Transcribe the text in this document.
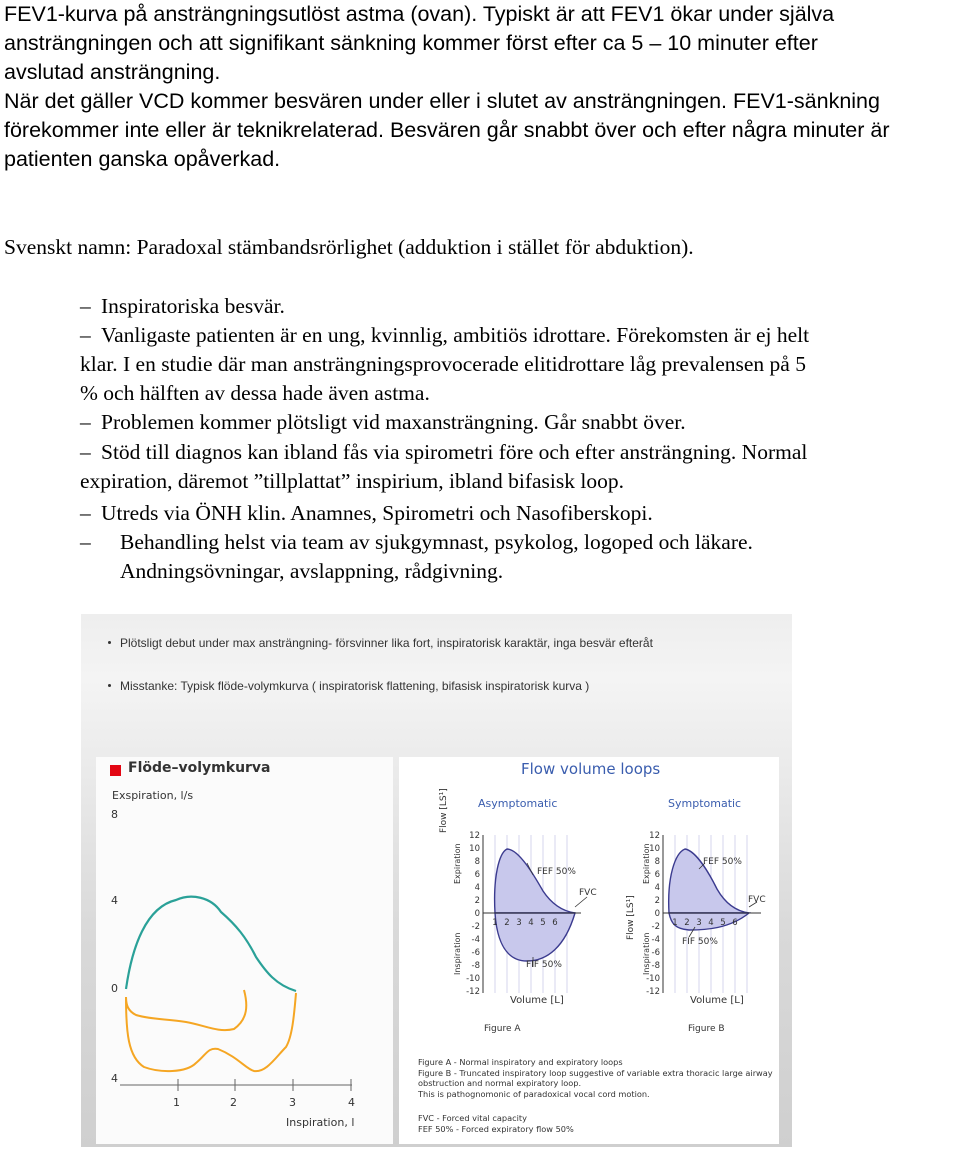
FEV1-kurva på ansträngningsutlöst astma (ovan). Typiskt är att FEV1 ökar under själva
ansträngningen och att signifikant sänkning kommer först efter ca 5 – 10 minuter efter
avslutad ansträngning.
När det gäller VCD kommer besvären under eller i slutet av ansträngningen. FEV1-sänkning
förekommer inte eller är teknikrelaterad. Besvären går snabbt över och efter några minuter är
patienten ganska opåverkad.
Svenskt namn: Paradoxal stämbandsrörlighet (adduktion i stället för abduktion).
– Inspiratoriska besvär.
– Vanligaste patienten är en ung, kvinnlig, ambitiös idrottare. Förekomsten är ej helt
klar. I en studie där man ansträngningsprovocerade elitidrottare låg prevalensen på 5
% och hälften av dessa hade även astma.
– Problemen kommer plötsligt vid maxansträngning. Går snabbt över.
– Stöd till diagnos kan ibland fås via spirometri före och efter ansträngning. Normal
expiration, däremot ”tillplattat” inspirium, ibland bifasisk loop.
– Utreds via ÖNH klin. Anamnes, Spirometri och Nasofiberskopi.
– Behandling helst via team av sjukgymnast, psykolog, logoped och läkare.
Andningsövningar, avslappning, rådgivning.
Plötsligt debut under max ansträngning- försvinner lika fort, inspiratorisk karaktär, inga besvär efteråt
Misstanke: Typisk flöde-volymkurva ( inspiratorisk flattening, bifasisk inspiratorisk kurva )
Flöde–volymkurva
Exspiration, l/s
8
4
0
4
1	2	3	4
Inspiration, l
Flow volume loops
Asymptomatic	Symptomatic
12
10
8
6
4
2
0
-2
-4
-6
-8
-10
-12
1 2 3 4 5 6
12
10
8
6
4
2
0
-2
-4
-6
-8
-10
-12
1 2 3 4 5 6
Flow [LS¹]
Expiration
Inspiration
Flow [LS¹]
Expiration
Inspiration
FEF 50%
FVC
FIF 50%
FEF 50%
FVC
FIF 50%
Volume [L]	Volume [L]
Figure A	Figure B
Figure A - Normal inspiratory and expiratory loops
Figure B - Truncated inspiratory loop suggestive of variable extra thoracic large airway
obstruction and normal expiratory loop.
This is pathognomonic of paradoxical vocal cord motion.
FVC - Forced vital capacity
FEF 50% - Forced expiratory flow 50%
